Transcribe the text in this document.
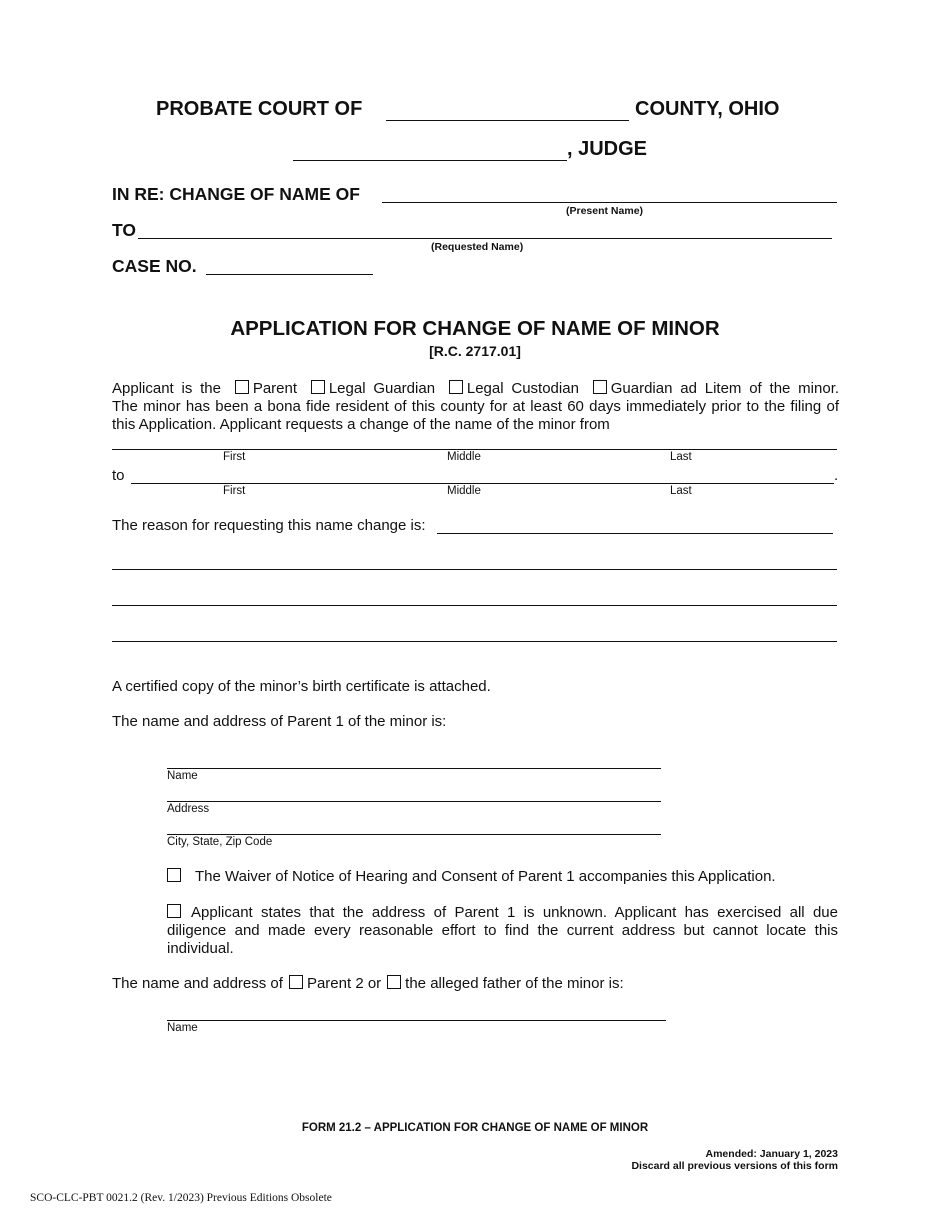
PROBATE COURT OF	COUNTY, OHIO
, JUDGE
IN RE: CHANGE OF NAME OF
(Present Name)
TO
(Requested Name)
CASE NO.
APPLICATION FOR CHANGE OF NAME OF MINOR
[R.C. 2717.01]
Applicant is the Parent Legal Guardian Legal Custodian Guardian ad Litem of the minor.
The minor has been a bona fide resident of this county for at least 60 days immediately prior to the filing of this Application. Applicant requests a change of the name of the minor from
First	Middle	Last
to	.
First	Middle	Last
The reason for requesting this name change is:
A certified copy of the minor’s birth certificate is attached.
The name and address of Parent 1 of the minor is:
Name
Address
City, State, Zip Code
The Waiver of Notice of Hearing and Consent of Parent 1 accompanies this Application.
Applicant states that the address of Parent 1 is unknown. Applicant has exercised all due diligence and made every reasonable effort to find the current address but cannot locate this individual.
The name and address of Parent 2 or the alleged father of the minor is:
Name
FORM 21.2 – APPLICATION FOR CHANGE OF NAME OF MINOR
Amended: January 1, 2023
Discard all previous versions of this form
SCO-CLC-PBT 0021.2 (Rev. 1/2023) Previous Editions Obsolete
